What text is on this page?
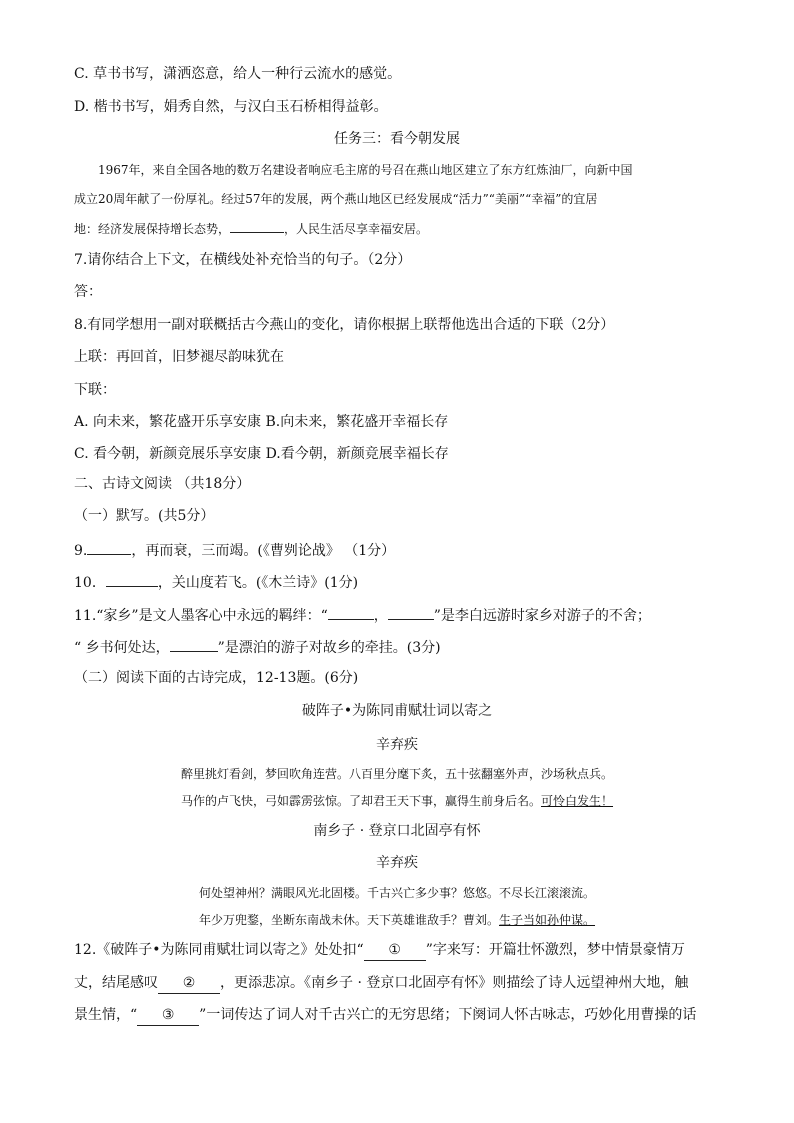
C. 草书书写，潇洒恣意，给人一种行云流水的感觉。
D. 楷书书写，娟秀自然，与汉白玉石桥相得益彰。
任务三：看今朝发展
1967年，来自全国各地的数万名建设者响应毛主席的号召在燕山地区建立了东方红炼油厂，向新中国
成立20周年献了一份厚礼。经过57年的发展，两个燕山地区已经发展成“活力”“美丽”“幸福”的宜居
地：经济发展保持增长态势，	，人民生活尽享幸福安居。
7.请你结合上下文，在横线处补充恰当的句子。（2分）
答：
8.有同学想用一副对联概括古今燕山的变化，请你根据上联帮他选出合适的下联（2分）
上联：再回首，旧梦褪尽韵味犹在
下联：
A. 向未来，繁花盛开乐享安康 B.向未来，繁花盛开幸福长存
C. 看今朝，新颜竞展乐享安康 D.看今朝，新颜竞展幸福长存
二、古诗文阅读 （共18分）
（一）默写。(共5分）
9.	，再而衰，三而竭。(《曹刿论战》 （1分）
10．	，关山度若飞。(《木兰诗》(1分)
11.“家乡”是文人墨客心中永远的羁绊：“	，	”是李白远游时家乡对游子的不舍；
“ 乡书何处达，	”是漂泊的游子对故乡的牵挂。(3分)
（二）阅读下面的古诗完成，12-13题。(6分)
破阵子•为陈同甫赋壮词以寄之
辛弃疾
醉里挑灯看剑，梦回吹角连营。八百里分麾下炙，五十弦翻塞外声，沙场秋点兵。
马作的卢飞快，弓如霹雳弦惊。了却君王天下事，赢得生前身后名。可怜白发生！
南乡子 · 登京口北固亭有怀
辛弃疾
何处望神州？满眼风光北固楼。千古兴亡多少事？悠悠。不尽长江滚滚流。
年少万兜鍪，坐断东南战未休。天下英雄谁敌手？曹刘。生子当如孙仲谋。
12.《破阵子•为陈同甫赋壮词以寄之》处处扣“ ① ”字来写：开篇壮怀激烈，梦中情景豪情万
丈，结尾感叹 ② ，更添悲凉。《南乡子 · 登京口北固亭有怀》则描绘了诗人远望神州大地，触
景生情，“ ③ ”一词传达了词人对千古兴亡的无穷思绪；下阕词人怀古咏志，巧妙化用曹操的话
